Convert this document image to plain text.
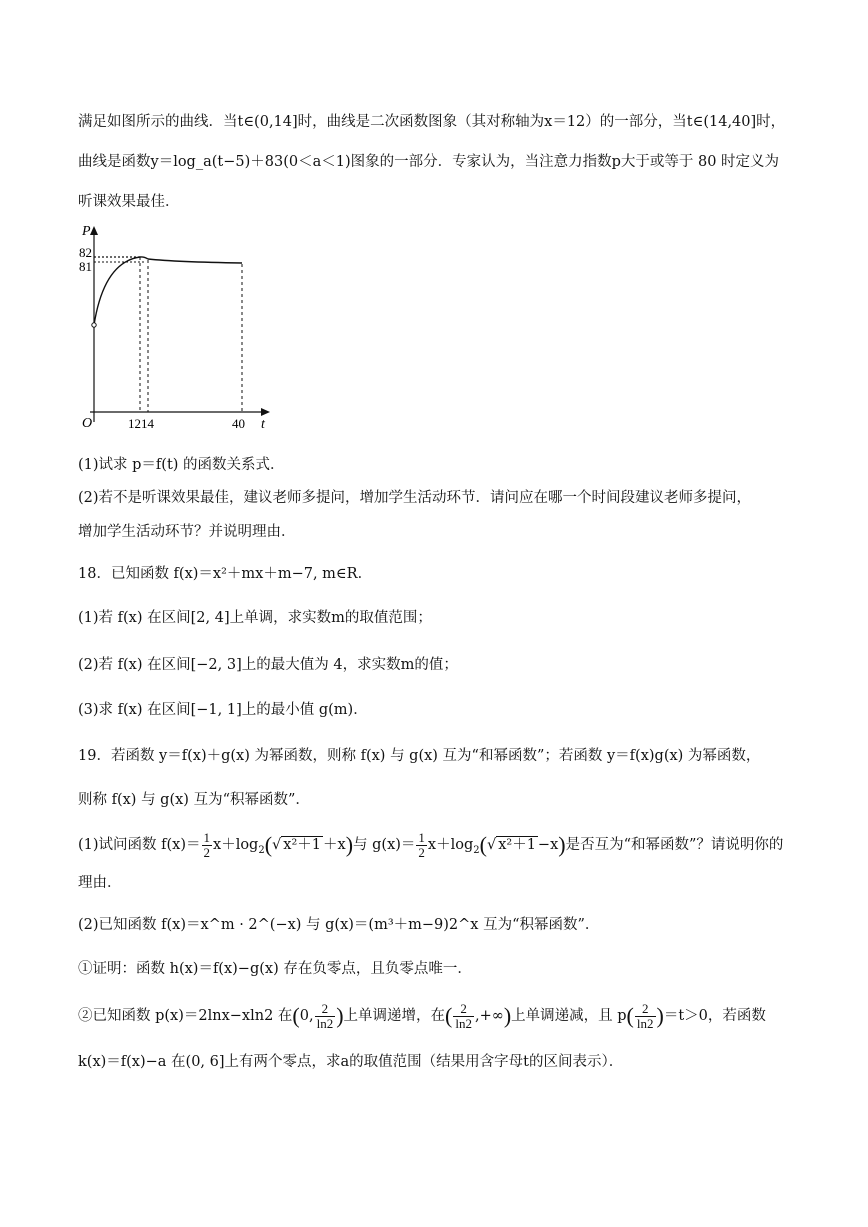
满足如图所示的曲线．当t∈(0,14]时，曲线是二次函数图象（其对称轴为x＝12）的一部分，当t∈(14,40]时，
曲线是函数y＝log_a(t−5)＋83(0＜a＜1)图象的一部分．专家认为，当注意力指数p大于或等于 80 时定义为
听课效果最佳．
P
82
81
O	1214	40 t
(1)试求 p＝f(t) 的函数关系式．
(2)若不是听课效果最佳，建议老师多提问，增加学生活动环节．请问应在哪一个时间段建议老师多提问，
增加学生活动环节？并说明理由．
18．已知函数 f(x)＝x²＋mx＋m−7, m∈R．
(1)若 f(x) 在区间[2, 4]上单调，求实数m的取值范围；
(2)若 f(x) 在区间[−2, 3]上的最大值为 4，求实数m的值；
(3)求 f(x) 在区间[−1, 1]上的最小值 g(m)．
19．若函数 y＝f(x)＋g(x) 为幂函数，则称 f(x) 与 g(x) 互为“和幂函数”；若函数 y＝f(x)g(x) 为幂函数，
则称 f(x) 与 g(x) 互为“积幂函数”．
(1)试问函数 $f(x)= \frac{1}{2} x+\log_2(√$ x²＋1 ＋x)与 $g(x)= \frac{1}{2} x+\log_2(√$ x²＋1 −x)是否互为“和幂函数”？请说明你的
理由．
(2)已知函数 f(x)＝x^m · 2^(−x) 与 g(x)＝(m³＋m−9)2^x 互为“积幂函数”．
①证明：函数 h(x)＝f(x)−g(x) 存在负零点，且负零点唯一．
②已知函数 p(x)＝2lnx−xln2 在(0, $\frac{2}{\ln 2}$ )上单调递增，在( $\frac{2}{\ln 2}$ ,+∞)上单调递减，且 $p( \frac{2}{\ln 2} )=t>0$，若函数
k(x)＝f(x)−a 在(0, 6]上有两个零点，求a的取值范围（结果用含字母t的区间表示）．
